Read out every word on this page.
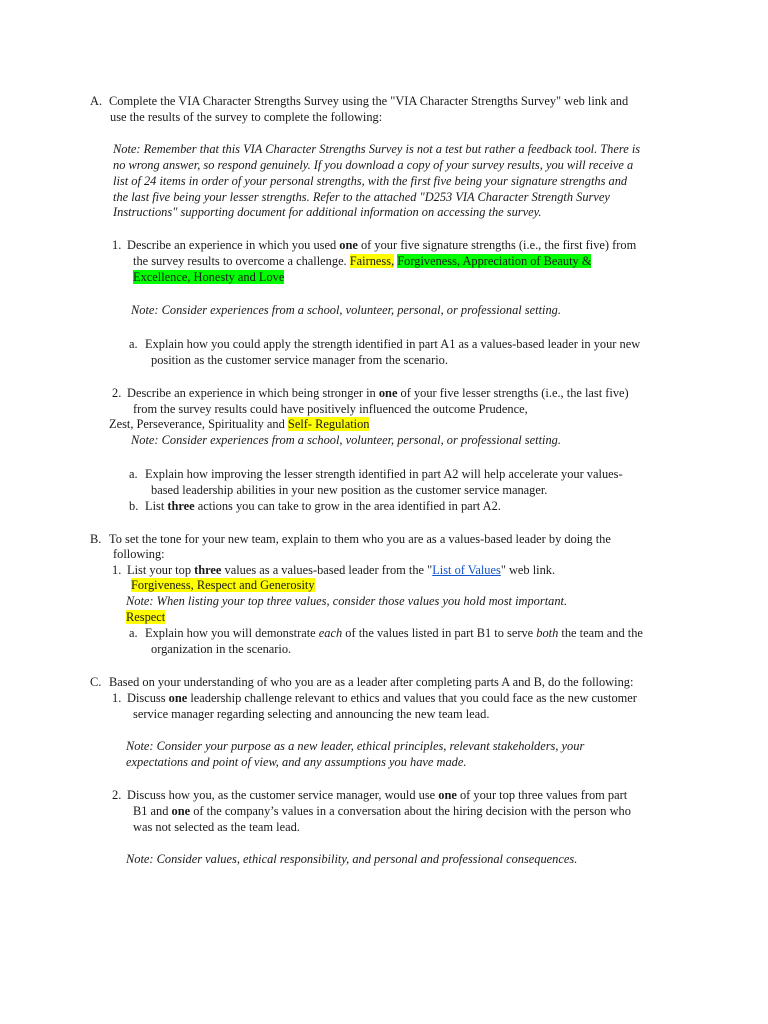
A. Complete the VIA Character Strengths Survey using the "VIA Character Strengths Survey" web link and
use the results of the survey to complete the following:
Note: Remember that this VIA Character Strengths Survey is not a test but rather a feedback tool. There is
no wrong answer, so respond genuinely. If you download a copy of your survey results, you will receive a
list of 24 items in order of your personal strengths, with the first five being your signature strengths and
the last five being your lesser strengths. Refer to the attached "D253 VIA Character Strength Survey
Instructions" supporting document for additional information on accessing the survey.
1. Describe an experience in which you used one of your five signature strengths (i.e., the first five) from
the survey results to overcome a challenge. Fairness, Forgiveness, Appreciation of Beauty &
Excellence, Honesty and Love
Note: Consider experiences from a school, volunteer, personal, or professional setting.
a. Explain how you could apply the strength identified in part A1 as a values-based leader in your new
position as the customer service manager from the scenario.
2. Describe an experience in which being stronger in one of your five lesser strengths (i.e., the last five)
from the survey results could have positively influenced the outcome Prudence,
Zest, Perseverance, Spirituality and Self- Regulation
Note: Consider experiences from a school, volunteer, personal, or professional setting.
a. Explain how improving the lesser strength identified in part A2 will help accelerate your values-
based leadership abilities in your new position as the customer service manager.
b. List three actions you can take to grow in the area identified in part A2.
B. To set the tone for your new team, explain to them who you are as a values-based leader by doing the
following:
1. List your top three values as a values-based leader from the "List of Values" web link.
Forgiveness, Respect and Generosity
Note: When listing your top three values, consider those values you hold most important.
Respect
a. Explain how you will demonstrate each of the values listed in part B1 to serve both the team and the
organization in the scenario.
C. Based on your understanding of who you are as a leader after completing parts A and B, do the following:
1. Discuss one leadership challenge relevant to ethics and values that you could face as the new customer
service manager regarding selecting and announcing the new team lead.
Note: Consider your purpose as a new leader, ethical principles, relevant stakeholders, your
expectations and point of view, and any assumptions you have made.
2. Discuss how you, as the customer service manager, would use one of your top three values from part
B1 and one of the company’s values in a conversation about the hiring decision with the person who
was not selected as the team lead.
Note: Consider values, ethical responsibility, and personal and professional consequences.
